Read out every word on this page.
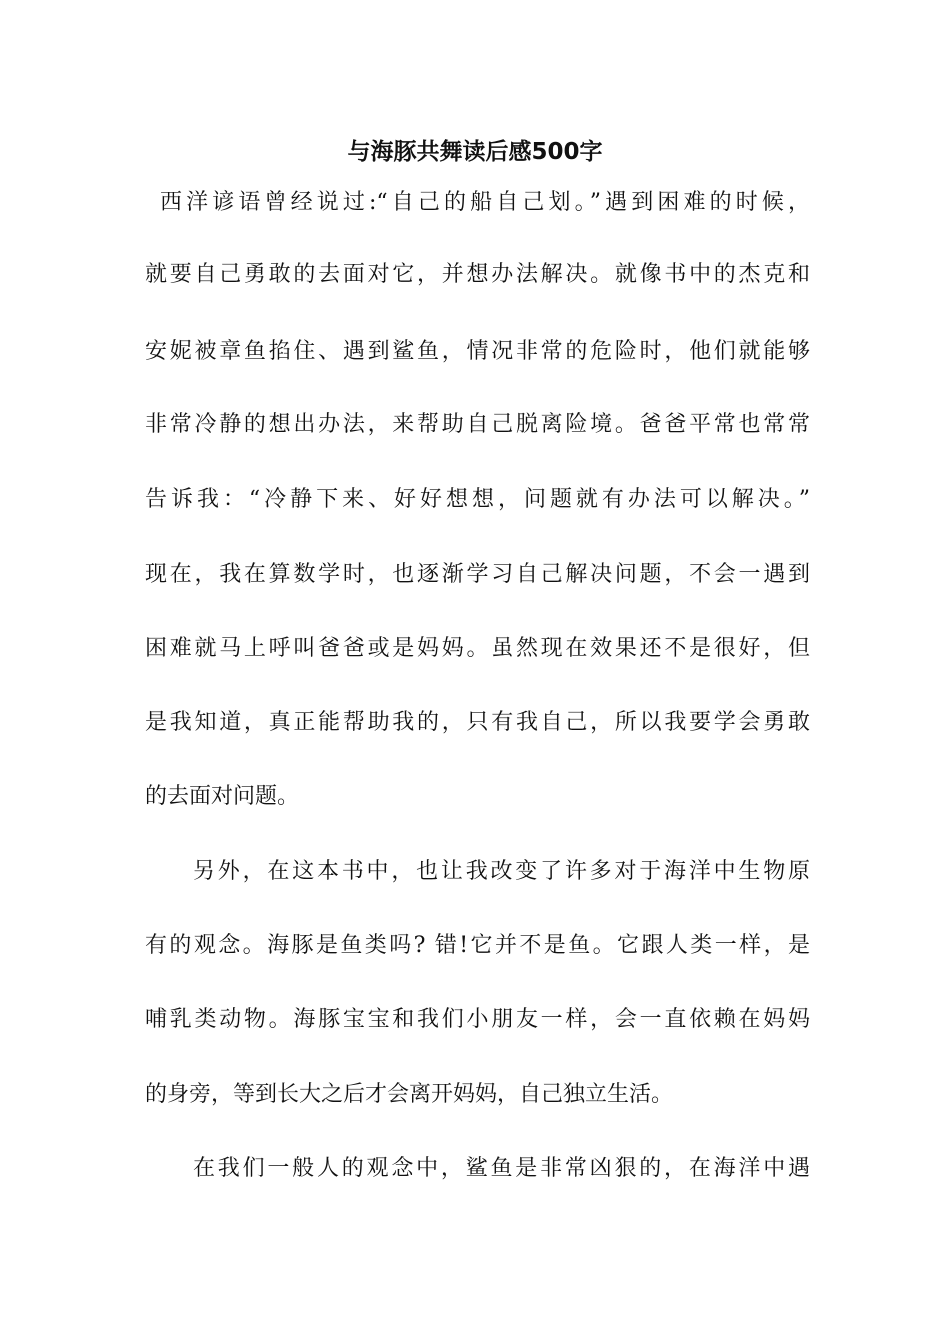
与海豚共舞读后感500字
西洋谚语曾经说过:“自己的船自己划。”遇到困难的时候，
就要自己勇敢的去面对它，并想办法解决。就像书中的杰克和
安妮被章鱼掐住、遇到鲨鱼，情况非常的危险时，他们就能够
非常冷静的想出办法，来帮助自己脱离险境。爸爸平常也常常
告诉我：“冷静下来、好好想想，问题就有办法可以解决。”
现在，我在算数学时，也逐渐学习自己解决问题，不会一遇到
困难就马上呼叫爸爸或是妈妈。虽然现在效果还不是很好，但
是我知道，真正能帮助我的，只有我自己，所以我要学会勇敢
的去面对问题。
另外，在这本书中，也让我改变了许多对于海洋中生物原
有的观念。海豚是鱼类吗? 错!它并不是鱼。它跟人类一样，是
哺乳类动物。海豚宝宝和我们小朋友一样，会一直依赖在妈妈
的身旁，等到长大之后才会离开妈妈，自己独立生活。
在我们一般人的观念中，鲨鱼是非常凶狠的，在海洋中遇
